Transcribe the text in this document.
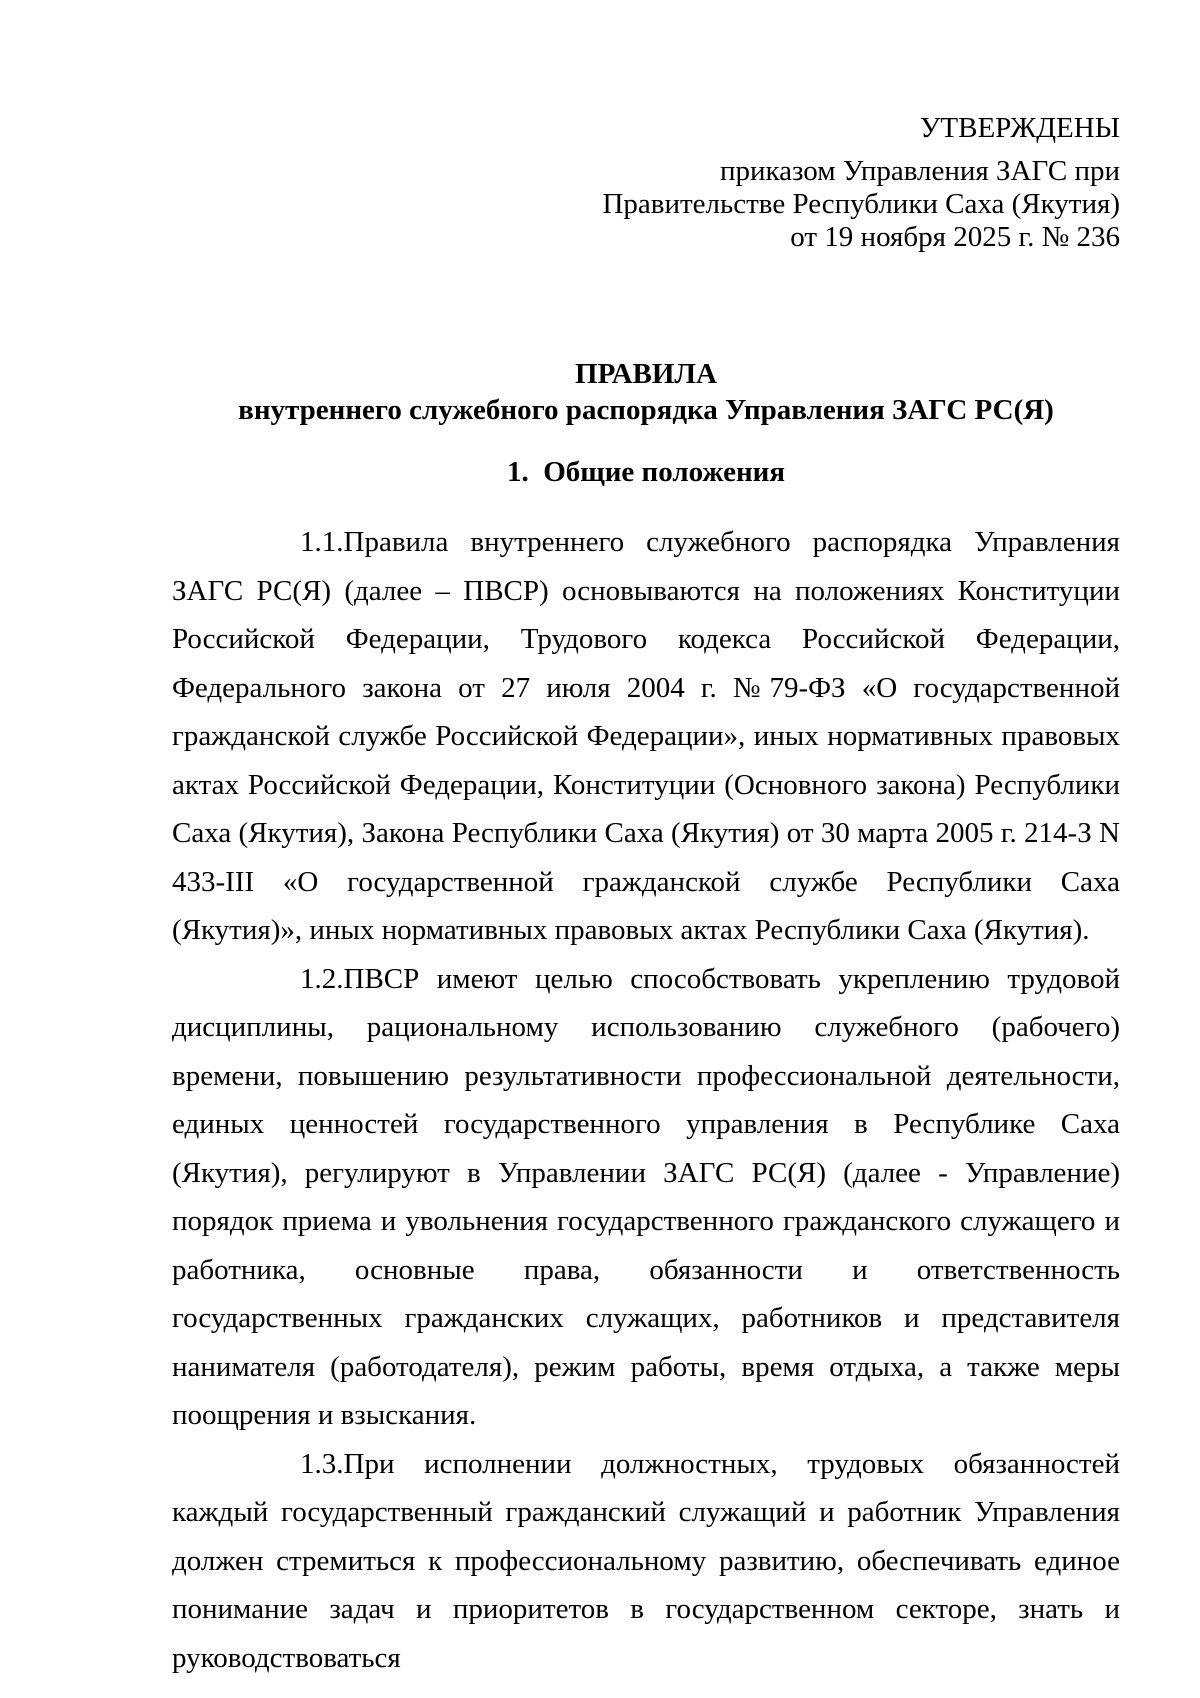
УТВЕРЖДЕНЫ
приказом Управления ЗАГС при
Правительстве Республики Саха (Якутия)
от 19 ноября 2025 г. № 236
ПРАВИЛА
внутреннего служебного распорядка Управления ЗАГС РС(Я)
1. Общие положения

1.1.Правила внутреннего служебного распорядка Управления ЗАГС РС(Я) (далее – ПВСР) основываются на положениях Конституции Российской Федерации, Трудового кодекса Российской Федерации, Федерального закона от 27 июля 2004 г. №79-ФЗ «О государственной гражданской службе Российской Федерации», иных нормативных правовых актах Российской Федерации, Конституции (Основного закона) Республики Саха (Якутия), Закона Республики Саха (Якутия) от 30 марта 2005 г. 214-З N 433-III «О государственной гражданской службе Республики Саха (Якутия)», иных нормативных правовых актах Республики Саха (Якутия).

1.2.ПВСР имеют целью способствовать укреплению трудовой дисциплины, рациональному использованию служебного (рабочего) времени, повышению результативности профессиональной деятельности, единых ценностей государственного управления в Республике Саха (Якутия), регулируют в Управлении ЗАГС РС(Я) (далее - Управление) порядок приема и увольнения государственного гражданского служащего и работника, основные права, обязанности и ответственность государственных гражданских служащих, работников и представителя нанимателя (работодателя), режим работы, время отдыха, а также меры поощрения и взыскания.

1.3.При исполнении должностных, трудовых обязанностей каждый государственный гражданский служащий и работник Управления должен стремиться к профессиональному развитию, обеспечивать единое понимание задач и приоритетов в государственном секторе, знать и руководствоваться
